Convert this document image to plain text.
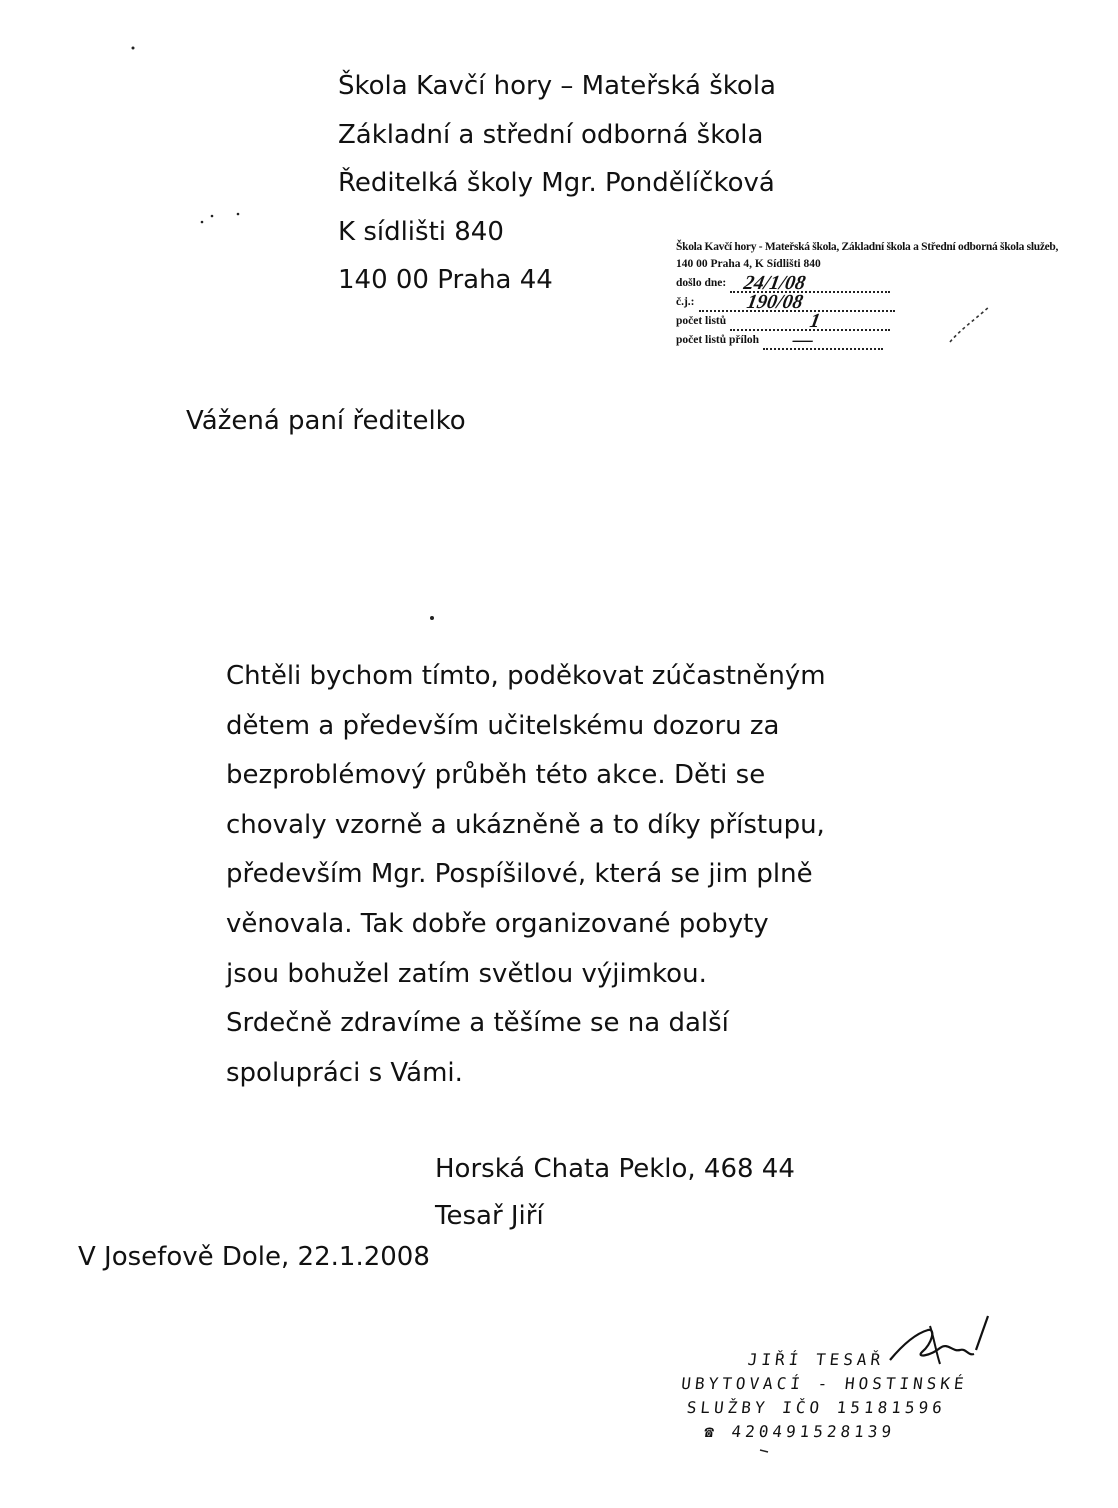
Škola Kavčí hory – Mateřská škola
Základní a střední odborná škola
Ředitelká školy Mgr. Pondělíčková
K sídlišti 840
140 00 Praha 44
Škola Kavčí hory - Mateřská škola, Základní škola a Střední odborná škola služeb,
140 00 Praha 4, K Sídlišti 840
došlo dne: 24/1/08
č.j.:	190/08
počet listů	1
počet listů příloh —
Vážená paní ředitelko
Chtěli bychom tímto, poděkovat zúčastněným
dětem a především učitelskému dozoru za
bezproblémový průběh této akce. Děti se
chovaly vzorně a ukázněně a to díky přístupu,
především Mgr. Pospíšilové, která se jim plně
věnovala. Tak dobře organizované pobyty
jsou bohužel zatím světlou výjimkou.
Srdečně zdravíme a těšíme se na další
spolupráci s Vámi.
Horská Chata Peklo, 468 44
Tesař Jiří
V Josefově Dole, 22.1.2008
JIŘÍ TESAŘ
UBYTOVACÍ - HOSTINSKÉ
SLUŽBY IČO 15181596
☎ 420491528139
